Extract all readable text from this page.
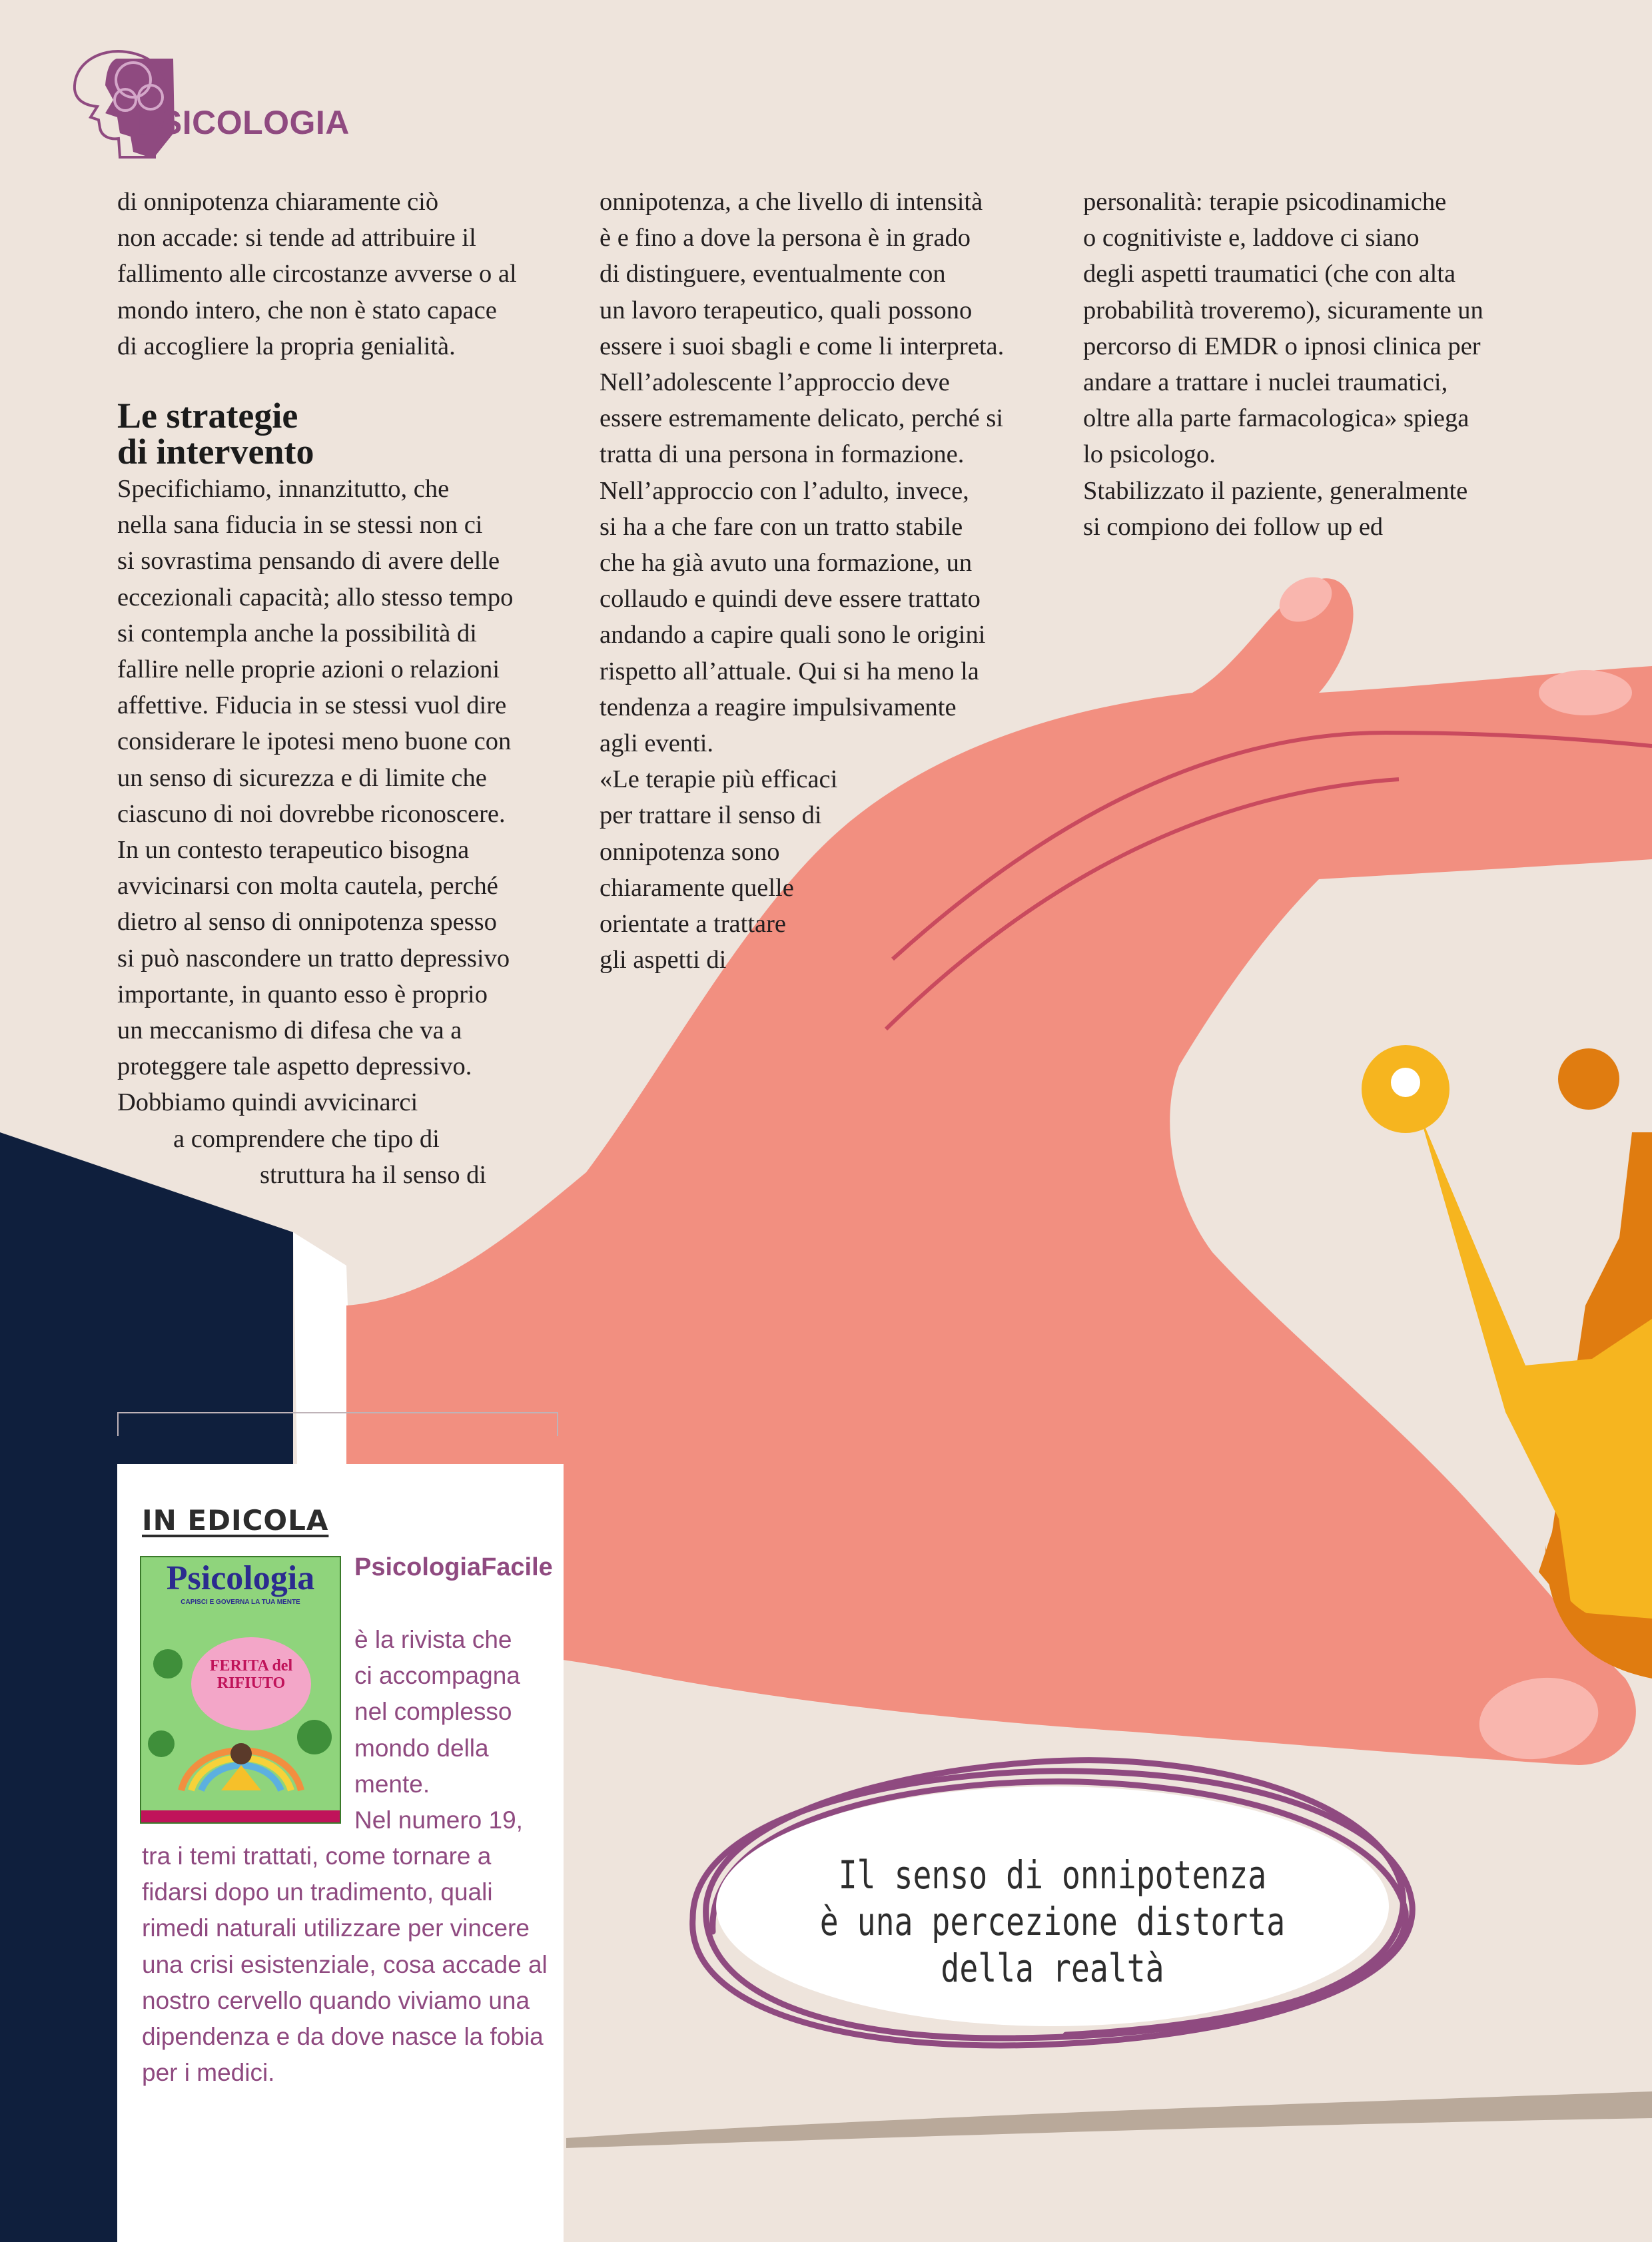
PSICOLOGIA
di onnipotenza chiaramente ciò
non accade: si tende ad attribuire il
fallimento alle circostanze avverse o al
mondo intero, che non è stato capace
di accogliere la propria genialità.
Le strategie
di intervento
Specifichiamo, innanzitutto, che
nella sana fiducia in se stessi non ci
si sovrastima pensando di avere delle
eccezionali capacità; allo stesso tempo
si contempla anche la possibilità di
fallire nelle proprie azioni o relazioni
affettive. Fiducia in se stessi vuol dire
considerare le ipotesi meno buone con
un senso di sicurezza e di limite che
ciascuno di noi dovrebbe riconoscere.
In un contesto terapeutico bisogna
avvicinarsi con molta cautela, perché
dietro al senso di onnipotenza spesso
si può nascondere un tratto depressivo
importante, in quanto esso è proprio
un meccanismo di difesa che va a
proteggere tale aspetto depressivo.
Dobbiamo quindi avvicinarci
a comprendere che tipo di
struttura ha il senso di
onnipotenza, a che livello di intensità
è e fino a dove la persona è in grado
di distinguere, eventualmente con
un lavoro terapeutico, quali possono
essere i suoi sbagli e come li interpreta.
Nell’adolescente l’approccio deve
essere estremamente delicato, perché si
tratta di una persona in formazione.
Nell’approccio con l’adulto, invece,
si ha a che fare con un tratto stabile
che ha già avuto una formazione, un
collaudo e quindi deve essere trattato
andando a capire quali sono le origini
rispetto all’attuale. Qui si ha meno la
tendenza a reagire impulsivamente
agli eventi.
«Le terapie più efficaci
per trattare il senso di
onnipotenza sono
chiaramente quelle
orientate a trattare
gli aspetti di
personalità: terapie psicodinamiche
o cognitiviste e, laddove ci siano
degli aspetti traumatici (che con alta
probabilità troveremo), sicuramente un
percorso di EMDR o ipnosi clinica per
andare a trattare i nuclei traumatici,
oltre alla parte farmacologica» spiega
lo psicologo.
Stabilizzato il paziente, generalmente
si compiono dei follow up ed
IN EDICOLA
Psicologia
CAPISCI E GOVERNA LA TUA MENTE
FERITA del RIFIUTO
PsicologiaFacile
è la rivista che
ci accompagna
nel complesso
mondo della
mente.
Nel numero 19,
tra i temi trattati, come tornare a
fidarsi dopo un tradimento, quali
rimedi naturali utilizzare per vincere
una crisi esistenziale, cosa accade al
nostro cervello quando viviamo una
dipendenza e da dove nasce la fobia
per i medici.
Il senso di onnipotenza
è una percezione distorta
della realtà
